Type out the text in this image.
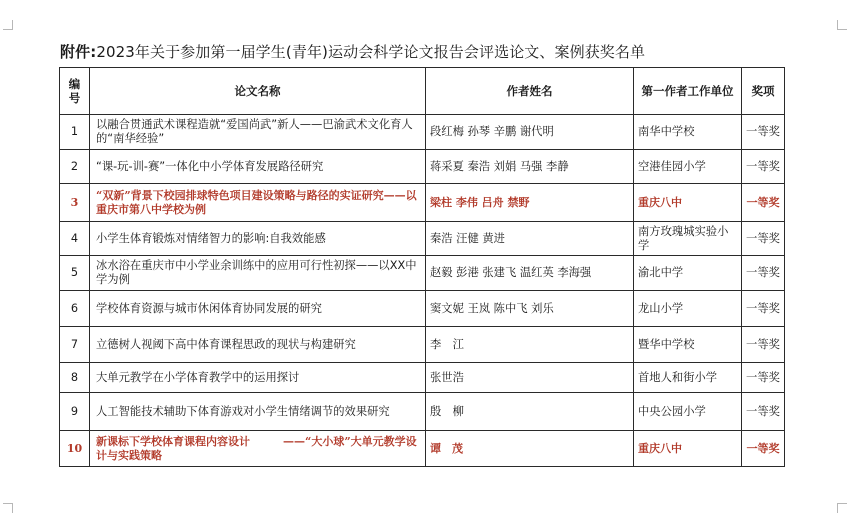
附件:2023年关于参加第一届学生(青年)运动会科学论文报告会评选论文、案例获奖名单
编号	论文名称	作者姓名	第一作者工作单位	奖项
1	以融合贯通武术课程造就“爱国尚武”新人——巴渝武术文化育人的“南华经验”	段红梅 孙琴 辛鹏 谢代明	南华中学校	一等奖
2	“课-玩-训-赛”一体化中小学体育发展路径研究	蒋采夏 秦浩 刘娟 马强 李静	空港佳园小学	一等奖
3	“双新”背景下校园排球特色项目建设策略与路径的实证研究——以重庆市第八中学校为例	梁柱 李伟 吕舟 禁野	重庆八中	一等奖
4	小学生体育锻炼对情绪智力的影响:自我效能感	秦浩 汪健 黄进	南方玫瑰城实验小学	一等奖
5	冰水浴在重庆市中小学业余训练中的应用可行性初探——以XX中学为例	赵毅 彭港 张建飞 温红英 李海强	渝北中学	一等奖
6	学校体育资源与城市休闲体育协同发展的研究	窦文妮 王岚 陈中飞 刘乐	龙山小学	一等奖
7	立德树人视阈下高中体育课程思政的现状与构建研究	李　江	暨华中学校	一等奖
8	大单元教学在小学体育教学中的运用探讨	张世浩	首地人和街小学	一等奖
9	人工智能技术辅助下体育游戏对小学生情绪调节的效果研究	殷　柳	中央公园小学	一等奖
10	新课标下学校体育课程内容设计　　　——“大小球”大单元教学设计与实践策略	谭　茂	重庆八中	一等奖
